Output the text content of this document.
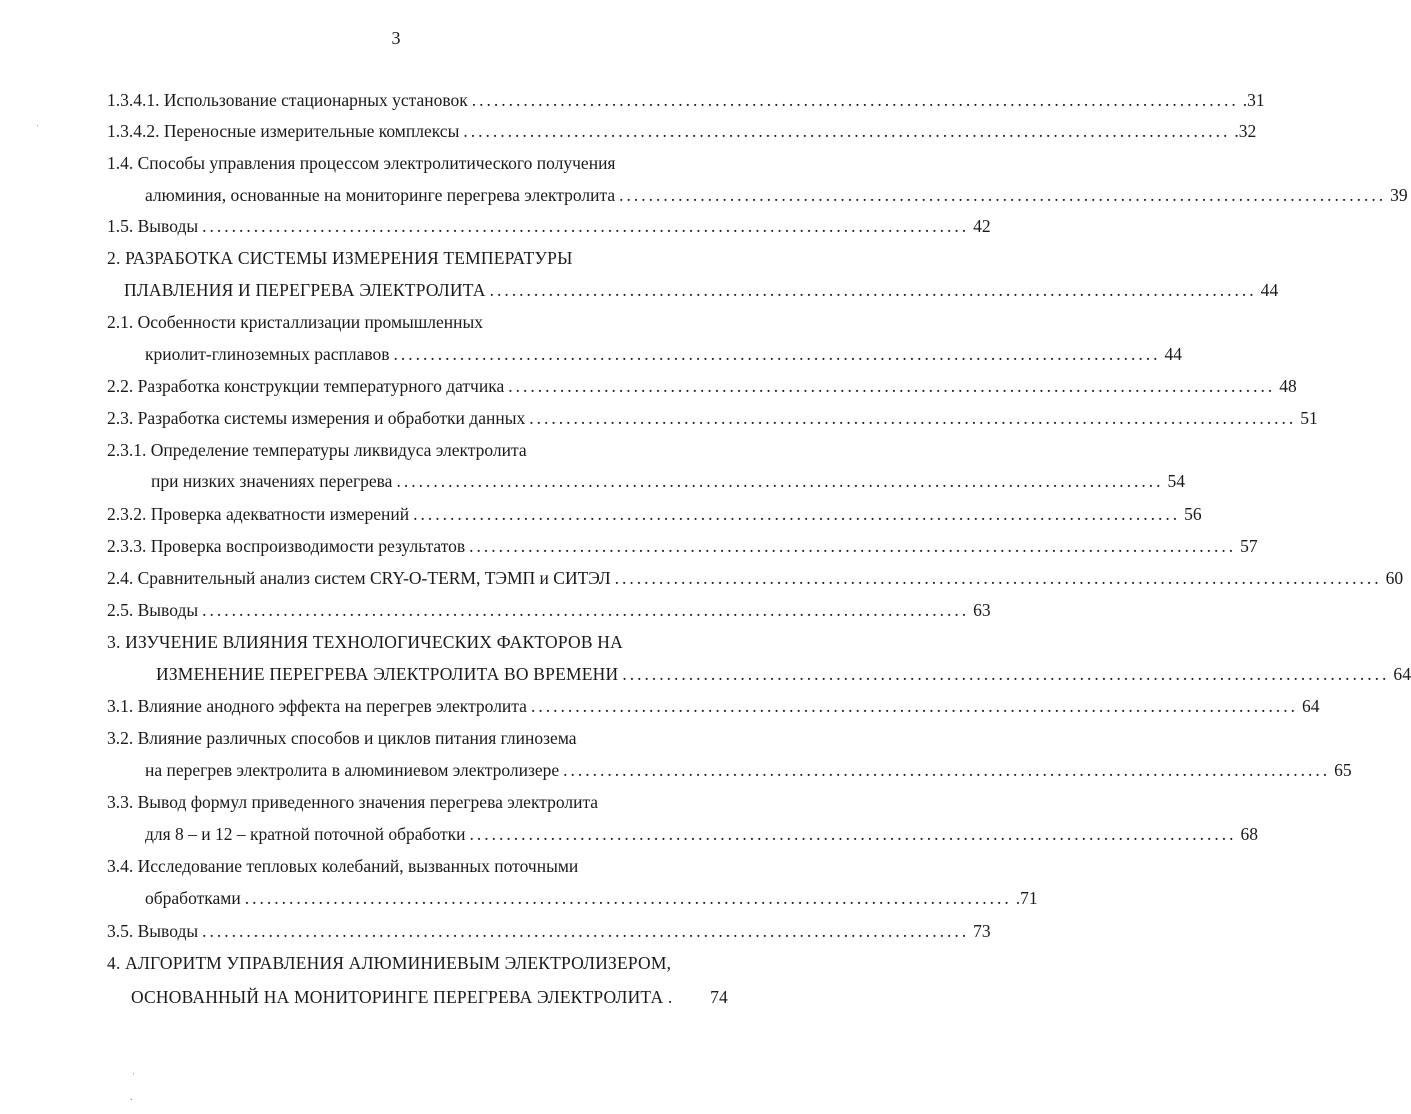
3
1.3.4.1. Использование стационарных установок ........................................................................................................ .31
1.3.4.2. Переносные измерительные комплексы ........................................................................................................ .32
1.4. Способы управления процессом электролитического получения
алюминия, основанные на мониторинге перегрева электролита ........................................................................................................ 39
1.5. Выводы ........................................................................................................ 42
2. РАЗРАБОТКА СИСТЕМЫ ИЗМЕРЕНИЯ ТЕМПЕРАТУРЫ
ПЛАВЛЕНИЯ И ПЕРЕГРЕВА ЭЛЕКТРОЛИТА ........................................................................................................ 44
2.1. Особенности кристаллизации промышленных
криолит-глиноземных расплавов ........................................................................................................ 44
2.2. Разработка конструкции температурного датчика ........................................................................................................ 48
2.3. Разработка системы измерения и обработки данных ........................................................................................................ 51
2.3.1. Определение температуры ликвидуса электролита
при низких значениях перегрева ........................................................................................................ 54
2.3.2. Проверка адекватности измерений ........................................................................................................ 56
2.3.3. Проверка воспроизводимости результатов ........................................................................................................ 57
2.4. Сравнительный анализ систем CRY-O-TERM, ТЭМП и СИТЭЛ ........................................................................................................ 60
2.5. Выводы ........................................................................................................ 63
3. ИЗУЧЕНИЕ ВЛИЯНИЯ ТЕХНОЛОГИЧЕСКИХ ФАКТОРОВ НА
ИЗМЕНЕНИЕ ПЕРЕГРЕВА ЭЛЕКТРОЛИТА ВО ВРЕМЕНИ ........................................................................................................ 64
3.1. Влияние анодного эффекта на перегрев электролита ........................................................................................................ 64
3.2. Влияние различных способов и циклов питания глинозема
на перегрев электролита в алюминиевом электролизере ........................................................................................................ 65
3.3. Вывод формул приведенного значения перегрева электролита
для 8 – и 12 – кратной поточной обработки ........................................................................................................ 68
3.4. Исследование тепловых колебаний, вызванных поточными
обработками ........................................................................................................ .71
3.5. Выводы ........................................................................................................ 73
4. АЛГОРИТМ УПРАВЛЕНИЯ АЛЮМИНИЕВЫМ ЭЛЕКТРОЛИЗЕРОМ,
ОСНОВАННЫЙ НА МОНИТОРИНГЕ ПЕРЕГРЕВА ЭЛЕКТРОЛИТА . 74
ˈ
ˈ
.
